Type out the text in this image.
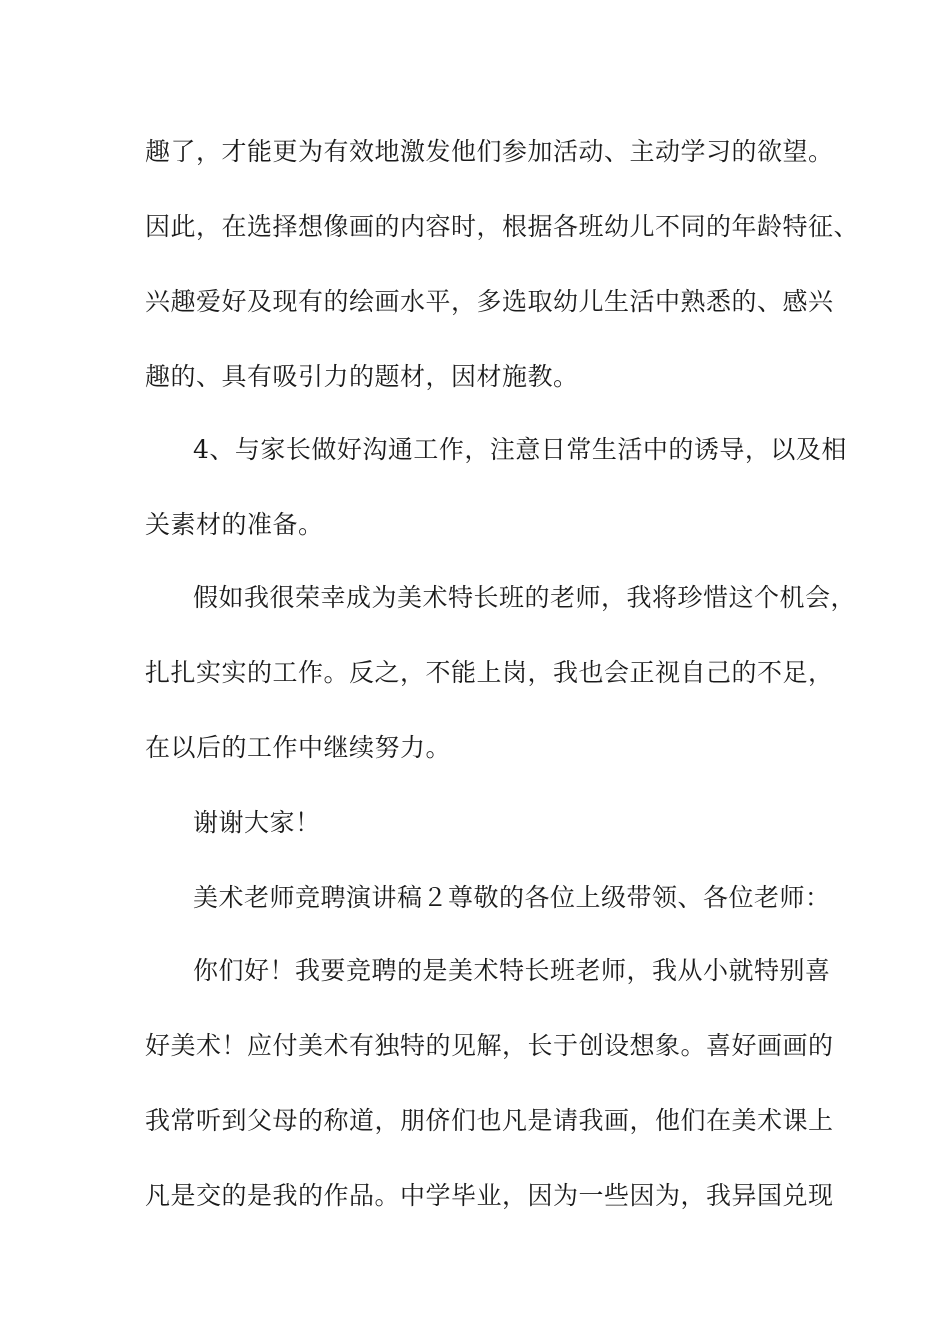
趣了，才能更为有效地激发他们参加活动、主动学习的欲望。
因此，在选择想像画的内容时，根据各班幼儿不同的年龄特征、
兴趣爱好及现有的绘画水平，多选取幼儿生活中熟悉的、感兴
趣的、具有吸引力的题材，因材施教。
4、与家长做好沟通工作，注意日常生活中的诱导，以及相
关素材的准备。
假如我很荣幸成为美术特长班的老师，我将珍惜这个机会，
扎扎实实的工作。反之，不能上岗，我也会正视自己的不足，
在以后的工作中继续努力。
谢谢大家！
美术老师竞聘演讲稿２尊敬的各位上级带领、各位老师：
你们好！我要竞聘的是美术特长班老师，我从小就特别喜
好美术！应付美术有独特的见解，长于创设想象。喜好画画的
我常听到父母的称道，朋侪们也凡是请我画，他们在美术课上
凡是交的是我的作品。中学毕业，因为一些因为，我异国兑现
